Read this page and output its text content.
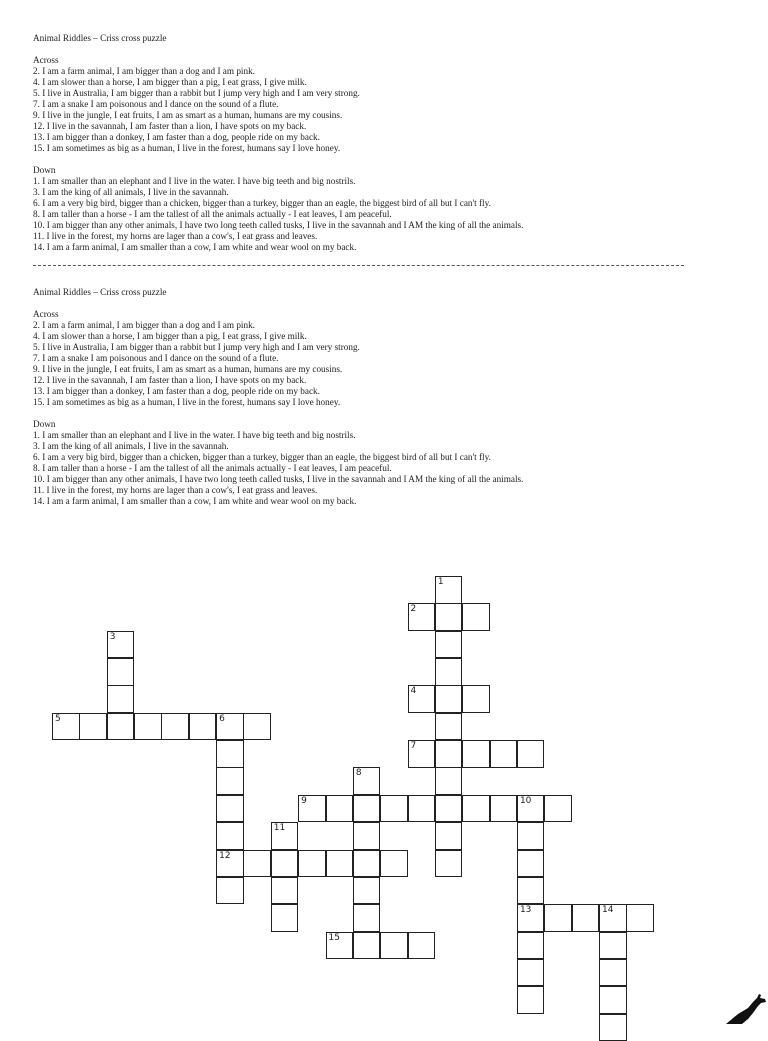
Animal Riddles – Criss cross puzzle
Across
2. I am a farm animal, I am bigger than a dog and I am pink.
4. I am slower than a horse, I am bigger than a pig, I eat grass, I give milk.
5. I live in Australia, I am bigger than a rabbit but I jump very high and I am very strong.
7. I am a snake I am poisonous and I dance on the sound of a flute.
9. I live in the jungle, I eat fruits, I am as smart as a human, humans are my cousins.
12. I live in the savannah, I am faster than a lion, I have spots on my back.
13. I am bigger than a donkey, I am faster than a dog, people ride on my back.
15. I am sometimes as big as a human, I live in the forest, humans say I love honey.
Down
1. I am smaller than an elephant and I live in the water. I have big teeth and big nostrils.
3. I am the king of all animals, I live in the savannah.
6. I am a very big bird, bigger than a chicken, bigger than a turkey, bigger than an eagle, the biggest bird of all but I can't fly.
8. I am taller than a horse - I am the tallest of all the animals actually - I eat leaves, I am peaceful.
10. I am bigger than any other animals, I have two long teeth called tusks, I live in the savannah and I AM the king of all the animals.
11. I live in the forest, my horns are lager than a cow's, I eat grass and leaves.
14. I am a farm animal, I am smaller than a cow, I am white and wear wool on my back.
Animal Riddles – Criss cross puzzle
Across
2. I am a farm animal, I am bigger than a dog and I am pink.
4. I am slower than a horse, I am bigger than a pig, I eat grass, I give milk.
5. I live in Australia, I am bigger than a rabbit but I jump very high and I am very strong.
7. I am a snake I am poisonous and I dance on the sound of a flute.
9. I live in the jungle, I eat fruits, I am as smart as a human, humans are my cousins.
12. I live in the savannah, I am faster than a lion, I have spots on my back.
13. I am bigger than a donkey, I am faster than a dog, people ride on my back.
15. I am sometimes as big as a human, I live in the forest, humans say I love honey.
Down
1. I am smaller than an elephant and I live in the water. I have big teeth and big nostrils.
3. I am the king of all animals, I live in the savannah.
6. I am a very big bird, bigger than a chicken, bigger than a turkey, bigger than an eagle, the biggest bird of all but I can't fly.
8. I am taller than a horse - I am the tallest of all the animals actually - I eat leaves, I am peaceful.
10. I am bigger than any other animals, I have two long teeth called tusks, I live in the savannah and I AM the king of all the animals.
11. I live in the forest, my horns are lager than a cow's, I eat grass and leaves.
14. I am a farm animal, I am smaller than a cow, I am white and wear wool on my back.
1
2
3
4
5	6
12
7
8
9	10
13
11
14
15
